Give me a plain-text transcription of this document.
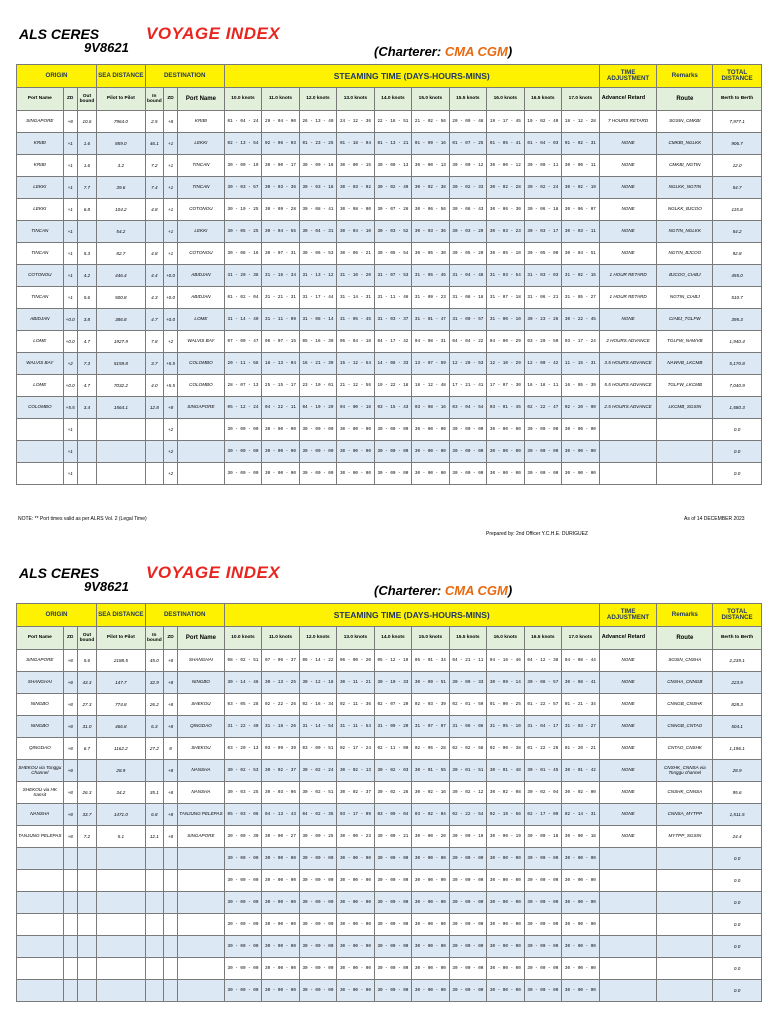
ALS CERES
9V8621
VOYAGE INDEX
(Charterer: CMA CGM)
ORIGIN			SEA DISTANCE	DESTINATION			STEAMING TIME (DAYS-HOURS-MINS)										TIME ADJUSTMENT	Remarks	TOTAL DISTANCE
Port Name	ZD	Out bound	Pilot to Pilot	In bound	ZD	Port Name	10.0 knots	11.0 knots	12.0 knots	13.0 knots	14.0 knots	15.0 knots	15.5 knots	16.0 knots	16.5 knots	17.0 knots	Advance/ Retard	Route	Berth to Berth
SINGAPORE	+8	10.6	7964.0	2.5	+8	KRIBI	01 - 04 - 24	29 - 04 - 00	26 - 13 - 40	24 - 12 - 36	22 - 16 - 51	21 - 02 - 56	20 - 09 - 48	19 - 17 - 45	19 - 02 - 40	18 - 12 - 28	7 HOURS RETARD	SGSIN_CMKBI	7,977.1
KRIBI	+1	1.6	859.0	46.1	+1	LEKKI	02 - 13 - 54	02 - 06 - 03	01 - 23 - 25	01 - 18 - 04	01 - 13 - 21	01 - 09 - 16	01 - 07 - 25	01 - 05 - 41	01 - 04 - 03	01 - 02 - 31	NONE	CMKBI_NGLKK	906.7
KRIBI	+1	1.6	3.2	7.2	+1	TINCAN	30 - 00 - 19	30 - 00 - 17	30 - 00 - 16	30 - 00 - 15	30 - 00 - 13	30 - 00 - 13	30 - 00 - 12	30 - 00 - 12	30 - 00 - 11	30 - 00 - 11	NONE	CMKBI_NGTIN	12.0
LEKKI	+1	7.7	39.6	7.4	+1	TINCAN	30 - 03 - 57	30 - 03 - 36	30 - 03 - 18	30 - 03 - 02	30 - 02 - 49	30 - 02 - 38	30 - 02 - 33	30 - 02 - 28	30 - 02 - 24	30 - 02 - 19	NONE	NGLKK_NGTIN	54.7
LEKKI	+1	6.8	104.2	4.8	+1	COTONOU	30 - 10 - 25	30 - 09 - 28	30 - 08 - 41	30 - 08 - 00	30 - 07 - 26	30 - 06 - 56	30 - 06 - 43	30 - 06 - 30	30 - 06 - 18	30 - 06 - 07	NONE	NGLKK_BJCOO	115.8
TINCAN	+1		54.2		+1	LEKKI	30 - 05 - 25	30 - 04 - 55	30 - 04 - 31	30 - 04 - 10	30 - 03 - 52	30 - 03 - 36	30 - 03 - 29	30 - 03 - 23	30 - 03 - 17	30 - 03 - 11	NONE	NGTIN_NGLKK	54.2
TINCAN	+1	5.3	82.7	4.8	+1	COTONOU	30 - 08 - 16	30 - 07 - 31	30 - 06 - 53	30 - 06 - 21	30 - 05 - 54	30 - 05 - 30	30 - 05 - 20	30 - 05 - 10	30 - 05 - 00	30 - 04 - 51	NONE	NGTIN_BJCOO	92.8
COTONOU	+1	4.2	446.4	4.4	+0.0	ABIDJAN	31 - 20 - 38	31 - 16 - 34	31 - 13 - 12	31 - 10 - 20	31 - 07 - 53	31 - 05 - 45	31 - 04 - 48	31 - 03 - 54	31 - 03 - 03	31 - 02 - 15	1 HOUR RETARD	BJCOO_CIABJ	455.0
TINCAN	+1	5.6	500.8	4.3	+0.0	ABIDJAN	01 - 02 - 04	31 - 21 - 31	31 - 17 - 44	31 - 14 - 31	31 - 11 - 46	31 - 09 - 23	31 - 08 - 18	31 - 07 - 18	31 - 06 - 21	31 - 05 - 27	1 HOUR RETARD	NGTIN_CIABJ	510.7
ABIDJAN	+0.0	3.8	386.8	4.7	+0.0	LOME	31 - 14 - 40	31 - 11 - 09	31 - 08 - 14	31 - 05 - 45	31 - 03 - 37	31 - 01 - 47	31 - 00 - 57	31 - 00 - 10	30 - 23 - 26	30 - 22 - 45	NONE	CIABJ_TGLFW	395.3
LOME	+0.0	4.7	1927.9	7.8	+2	WALVIS BAY	07 - 00 - 47	06 - 07 - 15	05 - 16 - 39	05 - 04 - 18	04 - 17 - 42	04 - 08 - 31	04 - 04 - 22	04 - 00 - 29	03 - 20 - 50	03 - 17 - 24	2 HOURS ADVANCE	TGLFW_NAWVB	1,940.4
WALVIS BAY	+2	7.3	5159.8	3.7	+5.5	COLOMBO	20 - 11 - 58	18 - 13 - 04	16 - 21 - 39	15 - 12 - 54	14 - 08 - 33	13 - 07 - 59	12 - 20 - 53	12 - 10 - 29	12 - 00 - 42	11 - 15 - 31	3.5 HOURS ADVANCE	NAWVB_LKCMB	5,170.8
LOME	+0.0	4.7	7032.2	4.0	+5.5	COLOMBO	28 - 07 - 13	25 - 15 - 17	23 - 10 - 01	21 - 12 - 56	19 - 22 - 18	18 - 12 - 48	17 - 21 - 41	17 - 07 - 30	16 - 18 - 11	16 - 05 - 39	5.5 HOURS ADVANCE	TGLFW_LKCMB	7,040.9
COLOMBO	+5.5	3.4	1564.1	12.8	+8	SINGAPORE	05 - 12 - 24	04 - 22 - 11	04 - 10 - 20	04 - 00 - 18	03 - 15 - 43	03 - 08 - 16	03 - 04 - 54	03 - 01 - 45	02 - 22 - 47	02 - 20 - 00	2.5 HOURS ADVANCE	LKCMB_SGSIN	1,580.3
	+1				+2		30 - 00 - 00	30 - 00 - 00	30 - 00 - 00	30 - 00 - 00	30 - 00 - 00	30 - 00 - 00	30 - 00 - 00	30 - 00 - 00	30 - 00 - 00	30 - 00 - 00			0.0
	+1				+2		30 - 00 - 00	30 - 00 - 00	30 - 00 - 00	30 - 00 - 00	30 - 00 - 00	30 - 00 - 00	30 - 00 - 00	30 - 00 - 00	30 - 00 - 00	30 - 00 - 00			0.0
	+1				+2		30 - 00 - 00	30 - 00 - 00	30 - 00 - 00	30 - 00 - 00	30 - 00 - 00	30 - 00 - 00	30 - 00 - 00	30 - 00 - 00	30 - 00 - 00	30 - 00 - 00			0.0
NOTE: ** Port times valid as per ALRS Vol. 2 (Legal Time)	As of 14 DECEMBER 2023
Prepared by: 2nd Officer Y.C.H.E. DURIGUEZ
ALS CERES
9V8621
VOYAGE INDEX
(Charterer: CMA CGM)
ORIGIN			SEA DISTANCE	DESTINATION			STEAMING TIME (DAYS-HOURS-MINS)										TIME ADJUSTMENT	Remarks	TOTAL DISTANCE
Port Name	ZD	Out bound	Pilot to Pilot	In bound	ZD	Port Name	10.0 knots	11.0 knots	12.0 knots	13.0 knots	14.0 knots	15.0 knots	15.5 knots	16.0 knots	16.5 knots	17.0 knots	Advance/ Retard	Route	Berth to Berth
SINGAPORE	+8	5.6	2188.5	45.0	+8	SHANGHAI	08 - 02 - 51	07 - 06 - 37	06 - 14 - 22	06 - 00 - 20	05 - 12 - 19	05 - 01 - 34	04 - 21 - 11	04 - 16 - 46	04 - 12 - 38	04 - 08 - 44	NONE	SGSIN_CNSHA	2,239.1
SHANGHAI	+8	43.3	147.7	32.9	+8	NINGBO	30 - 14 - 46	30 - 13 - 25	30 - 12 - 18	30 - 11 - 21	30 - 10 - 33	30 - 09 - 51	30 - 09 - 33	30 - 09 - 14	30 - 08 - 57	30 - 08 - 41	NONE	CNSHA_CNNGB	223.9
NINGBO	+8	27.3	774.8	26.2	+8	SHEKOU	03 - 05 - 28	02 - 22 - 26	02 - 16 - 34	02 - 11 - 36	02 - 07 - 20	02 - 03 - 39	02 - 01 - 59	01 - 00 - 25	01 - 22 - 57	01 - 21 - 34	NONE	CNNGB_CNSHK	828.3
NINGBO	+8	31.0	466.8	6.3	+8	QINGDAO	31 - 22 - 40	31 - 18 - 26	31 - 14 - 54	31 - 11 - 54	31 - 09 - 20	31 - 07 - 07	31 - 06 - 06	31 - 05 - 10	31 - 04 - 17	31 - 03 - 27	NONE	CNNGB_CNTAO	504.1
QINGDAO	+8	6.7	1162.2	27.2	8	SHEKOU	03 - 20 - 13	03 - 09 - 39	03 - 00 - 51	02 - 17 - 24	02 - 11 - 00	02 - 05 - 28	02 - 02 - 58	02 - 00 - 38	01 - 22 - 26	01 - 20 - 21	NONE	CNTAO_CNSHK	1,196.1
SHEKOU via Tonggu Channel	+8		28.9		+8	NANSHA	30 - 02 - 53	30 - 02 - 37	30 - 02 - 24	30 - 02 - 13	30 - 02 - 03	30 - 01 - 55	30 - 01 - 51	30 - 01 - 48	30 - 01 - 45	30 - 01 - 42	NONE	CNSHK_CNNSA via Tonggu channel	28.9
SHEKOU via HK transit	+8	26.3	34.2	35.1	+8	NANSHA	30 - 03 - 25	30 - 03 - 06	30 - 02 - 51	30 - 02 - 37	30 - 02 - 26	30 - 02 - 16	30 - 02 - 12	30 - 02 - 08	30 - 02 - 04	30 - 02 - 00	NONE	CNSHK_CNNSA	95.6
NANSHA	+8	33.7	1471.0	6.8	+8	TANJUNG PELEPAS	05 - 03 - 06	04 - 13 - 43	04 - 02 - 35	03 - 17 - 09	03 - 09 - 04	03 - 02 - 04	02 - 22 - 54	02 - 19 - 56	02 - 17 - 09	02 - 14 - 31	NONE	CNNSA_MYTPP	1,511.5
TANJUNG PELEPAS	+8	7.2	5.1	12.1	+8	SINGAPORE	30 - 00 - 30	30 - 00 - 27	30 - 00 - 25	30 - 00 - 23	30 - 00 - 21	30 - 00 - 20	30 - 00 - 19	30 - 00 - 19	30 - 00 - 18	30 - 00 - 18	NONE	MYTPP_SGSIN	24.4
							30 - 00 - 00	30 - 00 - 00	30 - 00 - 00	30 - 00 - 00	30 - 00 - 00	30 - 00 - 00	30 - 00 - 00	30 - 00 - 00	30 - 00 - 00	30 - 00 - 00			0.0
							30 - 00 - 00	30 - 00 - 00	30 - 00 - 00	30 - 00 - 00	30 - 00 - 00	30 - 00 - 00	30 - 00 - 00	30 - 00 - 00	30 - 00 - 00	30 - 00 - 00			0.0
							30 - 00 - 00	30 - 00 - 00	30 - 00 - 00	30 - 00 - 00	30 - 00 - 00	30 - 00 - 00	30 - 00 - 00	30 - 00 - 00	30 - 00 - 00	30 - 00 - 00			0.0
							30 - 00 - 00	30 - 00 - 00	30 - 00 - 00	30 - 00 - 00	30 - 00 - 00	30 - 00 - 00	30 - 00 - 00	30 - 00 - 00	30 - 00 - 00	30 - 00 - 00			0.0
							30 - 00 - 00	30 - 00 - 00	30 - 00 - 00	30 - 00 - 00	30 - 00 - 00	30 - 00 - 00	30 - 00 - 00	30 - 00 - 00	30 - 00 - 00	30 - 00 - 00			0.0
							30 - 00 - 00	30 - 00 - 00	30 - 00 - 00	30 - 00 - 00	30 - 00 - 00	30 - 00 - 00	30 - 00 - 00	30 - 00 - 00	30 - 00 - 00	30 - 00 - 00			0.0
							30 - 00 - 00	30 - 00 - 00	30 - 00 - 00	30 - 00 - 00	30 - 00 - 00	30 - 00 - 00	30 - 00 - 00	30 - 00 - 00	30 - 00 - 00	30 - 00 - 00			0.0
